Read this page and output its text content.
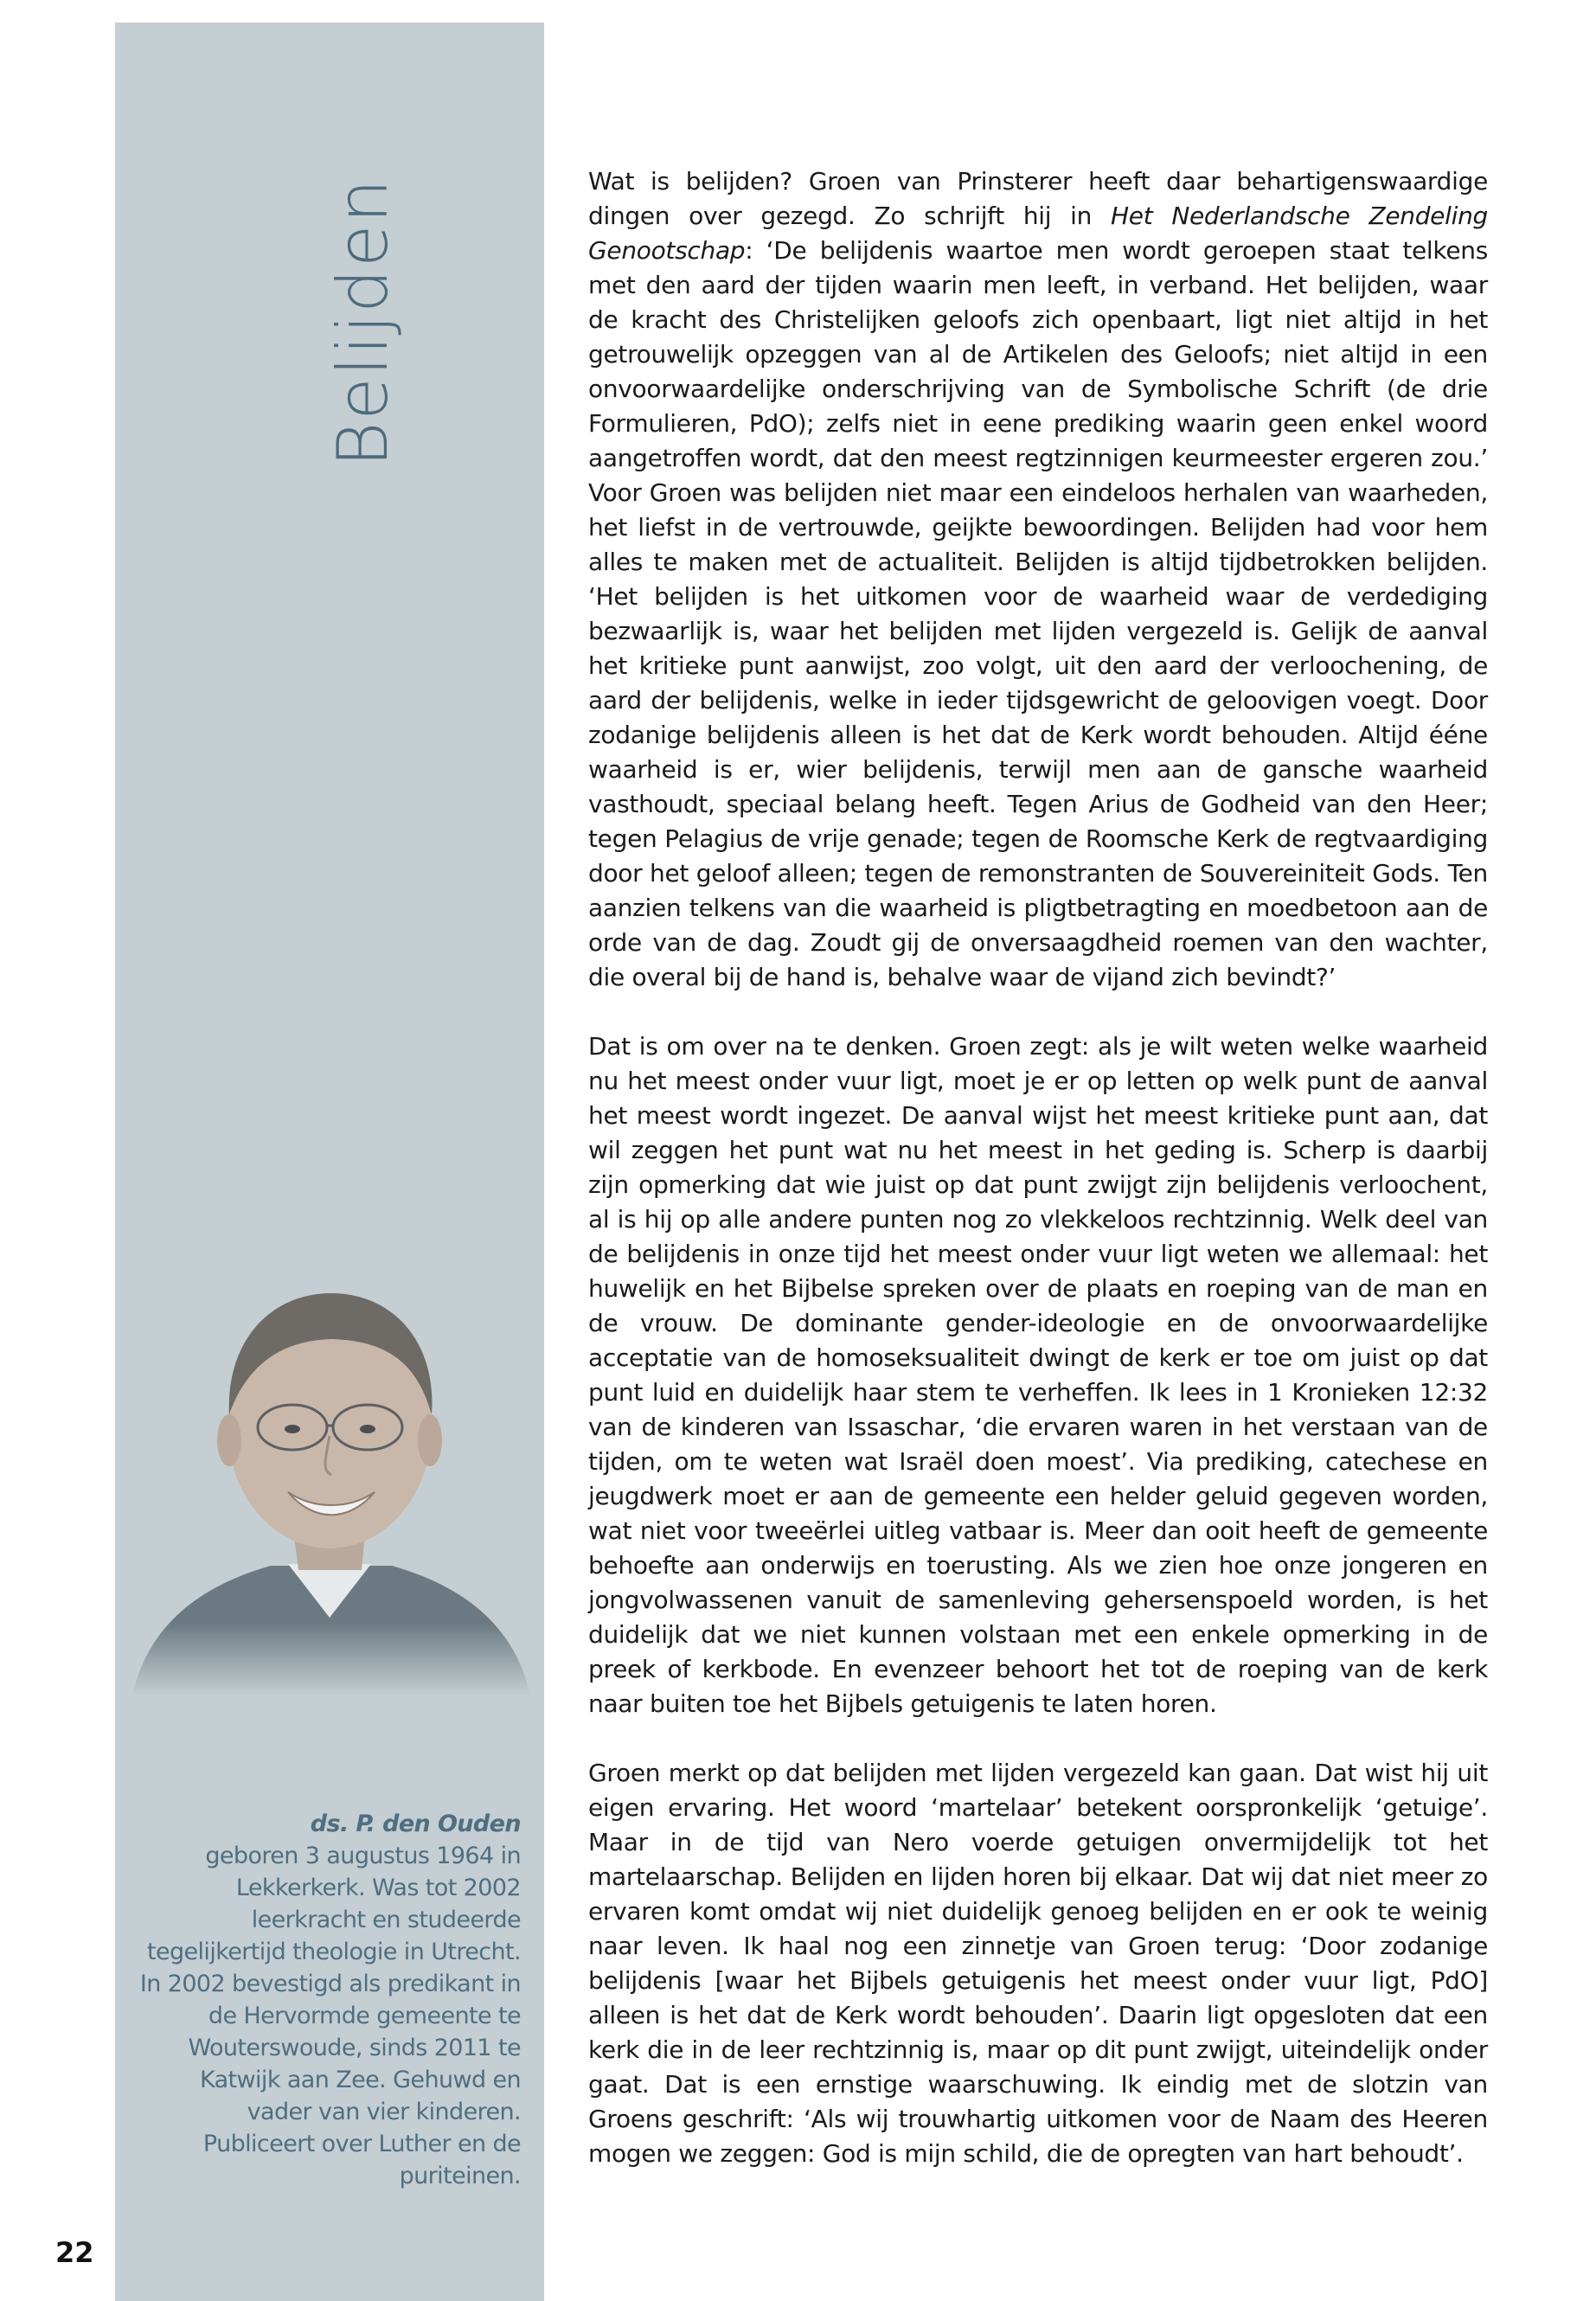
Belijden
ds. P. den Ouden
geboren 3 augustus 1964 in Lekkerkerk. Was tot 2002 leerkracht en studeerde tegelijkertijd theologie in Utrecht. In 2002 bevestigd als predikant in de Hervormde gemeente te Wouterswoude, sinds 2011 te Katwijk aan Zee. Gehuwd en vader van vier kinderen. Publiceert over Luther en de puriteinen.

Wat is belijden? Groen van Prinsterer heeft daar behartigenswaardige dingen over gezegd. Zo schrijft hij in Het Nederlandsche Zendeling Genootschap: ‘De belijdenis waartoe men wordt geroepen staat telkens met den aard der tijden waarin men leeft, in verband. Het belijden, waar de kracht des Christelijken geloofs zich openbaart, ligt niet altijd in het getrouwelijk opzeggen van al de Artikelen des Geloofs; niet altijd in een onvoorwaardelijke onderschrijving van de Symbolische Schrift (de drie Formulieren, PdO); zelfs niet in eene prediking waarin geen enkel woord aangetroffen wordt, dat den meest regtzinnigen keurmeester ergeren zou.’ Voor Groen was belijden niet maar een eindeloos herhalen van waarheden, het liefst in de vertrouwde, geijkte bewoordingen. Belijden had voor hem alles te maken met de actualiteit. Belijden is altijd tijdbetrokken belijden. ‘Het belijden is het uitkomen voor de waarheid waar de verdediging bezwaarlijk is, waar het belijden met lijden vergezeld is. Gelijk de aanval het kritieke punt aanwijst, zoo volgt, uit den aard der verloochening, de aard der belijdenis, welke in ieder tijdsgewricht de geloovigen voegt. Door zodanige belijdenis alleen is het dat de Kerk wordt behouden. Altijd ééne waarheid is er, wier belijdenis, terwijl men aan de gansche waarheid vasthoudt, speciaal belang heeft. Tegen Arius de Godheid van den Heer; tegen Pelagius de vrije genade; tegen de Roomsche Kerk de regtvaardiging door het geloof alleen; tegen de remonstranten de Souvereiniteit Gods. Ten aanzien telkens van die waarheid is pligtbetragting en moedbetoon aan de orde van de dag. Zoudt gij de onversaagdheid roemen van den wachter, die overal bij de hand is, behalve waar de vijand zich bevindt?’

Dat is om over na te denken. Groen zegt: als je wilt weten welke waarheid nu het meest onder vuur ligt, moet je er op letten op welk punt de aanval het meest wordt ingezet. De aanval wijst het meest kritieke punt aan, dat wil zeggen het punt wat nu het meest in het geding is. Scherp is daarbij zijn opmerking dat wie juist op dat punt zwijgt zijn belijdenis verloochent, al is hij op alle andere punten nog zo vlekkeloos rechtzinnig. Welk deel van de belijdenis in onze tijd het meest onder vuur ligt weten we allemaal: het huwelijk en het Bijbelse spreken over de plaats en roeping van de man en de vrouw. De dominante gender-ideologie en de onvoorwaardelijke acceptatie van de homoseksualiteit dwingt de kerk er toe om juist op dat punt luid en duidelijk haar stem te verheffen. Ik lees in 1 Kronieken 12:32 van de kinderen van Issaschar, ‘die ervaren waren in het verstaan van de tijden, om te weten wat Israël doen moest’. Via prediking, catechese en jeugdwerk moet er aan de gemeente een helder geluid gegeven worden, wat niet voor tweeërlei uitleg vatbaar is. Meer dan ooit heeft de gemeente behoefte aan onderwijs en toerusting. Als we zien hoe onze jongeren en jongvolwassenen vanuit de samenleving gehersenspoeld worden, is het duidelijk dat we niet kunnen volstaan met een enkele opmerking in de preek of kerkbode. En evenzeer behoort het tot de roeping van de kerk naar buiten toe het Bijbels getuigenis te laten horen.

Groen merkt op dat belijden met lijden vergezeld kan gaan. Dat wist hij uit eigen ervaring. Het woord ‘martelaar’ betekent oorspronkelijk ‘getuige’. Maar in de tijd van Nero voerde getuigen onvermijdelijk tot het martelaarschap. Belijden en lijden horen bij elkaar. Dat wij dat niet meer zo ervaren komt omdat wij niet duidelijk genoeg belijden en er ook te weinig naar leven. Ik haal nog een zinnetje van Groen terug: ‘Door zodanige belijdenis [waar het Bijbels getuigenis het meest onder vuur ligt, PdO] alleen is het dat de Kerk wordt behouden’. Daarin ligt opgesloten dat een kerk die in de leer rechtzinnig is, maar op dit punt zwijgt, uiteindelijk onder gaat. Dat is een ernstige waarschuwing. Ik eindig met de slotzin van Groens geschrift: ‘Als wij trouwhartig uitkomen voor de Naam des Heeren mogen we zeggen: God is mijn schild, die de opregten van hart behoudt’.

22
